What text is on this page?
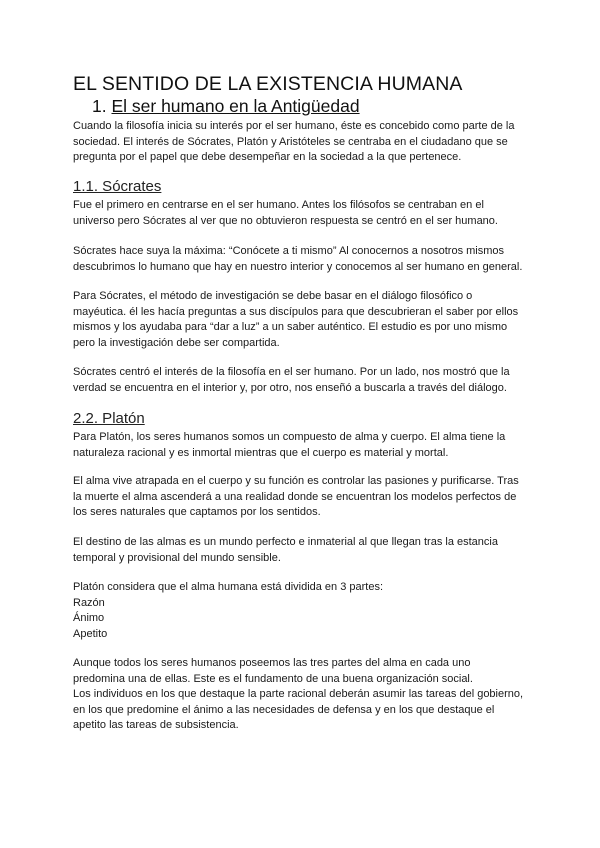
EL SENTIDO DE LA EXISTENCIA HUMANA
1. El ser humano en la Antigüedad

Cuando la filosofía inicia su interés por el ser humano, éste es concebido como parte de la
sociedad. El interés de Sócrates, Platón y Aristóteles se centraba en el ciudadano que se
pregunta por el papel que debe desempeñar en la sociedad a la que pertenece.

1.1. Sócrates

Fue el primero en centrarse en el ser humano. Antes los filósofos se centraban en el
universo pero Sócrates al ver que no obtuvieron respuesta se centró en el ser humano.

Sócrates hace suya la máxima: “Conócete a ti mismo” Al conocernos a nosotros mismos
descubrimos lo humano que hay en nuestro interior y conocemos al ser humano en general.

Para Sócrates, el método de investigación se debe basar en el diálogo filosófico o
mayéutica. él les hacía preguntas a sus discípulos para que descubrieran el saber por ellos
mismos y los ayudaba para “dar a luz” a un saber auténtico. El estudio es por uno mismo
pero la investigación debe ser compartida.

Sócrates centró el interés de la filosofía en el ser humano. Por un lado, nos mostró que la
verdad se encuentra en el interior y, por otro, nos enseñó a buscarla a través del diálogo.

2.2. Platón

Para Platón, los seres humanos somos un compuesto de alma y cuerpo. El alma tiene la
naturaleza racional y es inmortal mientras que el cuerpo es material y mortal.

El alma vive atrapada en el cuerpo y su función es controlar las pasiones y purificarse. Tras
la muerte el alma ascenderá a una realidad donde se encuentran los modelos perfectos de
los seres naturales que captamos por los sentidos.

El destino de las almas es un mundo perfecto e inmaterial al que llegan tras la estancia
temporal y provisional del mundo sensible.

Platón considera que el alma humana está dividida en 3 partes:
Razón
Ánimo
Apetito

Aunque todos los seres humanos poseemos las tres partes del alma en cada uno
predomina una de ellas. Este es el fundamento de una buena organización social.
Los individuos en los que destaque la parte racional deberán asumir las tareas del gobierno,
en los que predomine el ánimo a las necesidades de defensa y en los que destaque el
apetito las tareas de subsistencia.
